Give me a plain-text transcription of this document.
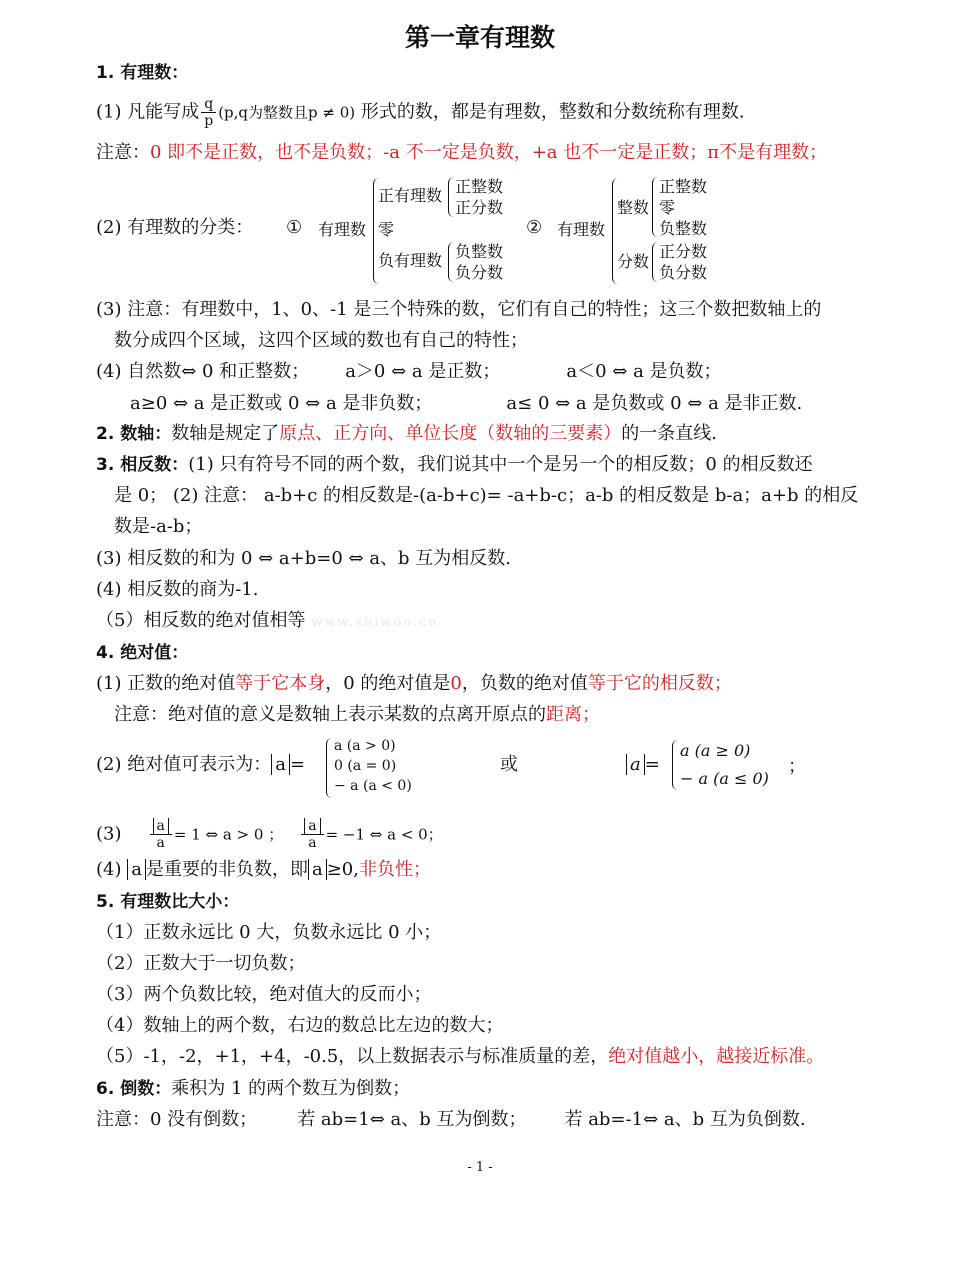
第一章有理数
1. 有理数：
(1) 凡能写成 $\frac{q}{p} (p,q$为整数且p ≠ 0) 形式的数，都是有理数，整数和分数统称有理数.
注意：0 即不是正数，也不是负数；-a 不一定是负数，+a 也不一定是正数；π不是有理数；
(2) 有理数的分类： ① 有理数
正有理数 正整数
正分数
零
负有理数 负整数
负分数
② 有理数
整数
正整数
零
负整数
分数
正分数
负分数
(3) 注意：有理数中，1、0、-1 是三个特殊的数，它们有自己的特性；这三个数把数轴上的
数分成四个区域，这四个区域的数也有自己的特性；
(4) 自然数⇔ 0 和正整数； a＞0 ⇔ a 是正数；	a＜0 ⇔ a 是负数；
a≥0 ⇔ a 是正数或 0 ⇔ a 是非负数；	a≤ 0 ⇔ a 是负数或 0 ⇔ a 是非正数.
2. 数轴：数轴是规定了原点、正方向、单位长度（数轴的三要素）的一条直线.
3. 相反数：(1) 只有符号不同的两个数，我们说其中一个是另一个的相反数；0 的相反数还
是 0； (2) 注意： a-b+c 的相反数是-(a-b+c)= -a+b-c；a-b 的相反数是 b-a；a+b 的相反
数是-a-b；
(3) 相反数的和为 0 ⇔ a+b=0 ⇔ a、b 互为相反数.
(4) 相反数的商为-1.
（5）相反数的绝对值相等 www.shiwoo.cn
4. 绝对值：
(1) 正数的绝对值等于它本身，0 的绝对值是0，负数的绝对值等于它的相反数；
注意：绝对值的意义是数轴上表示某数的点离开原点的距离；
(2) 绝对值可表示为： a =
a (a > 0)
0 (a = 0)
− a (a < 0)
或	a =
a (a ≥ 0)
− a (a ≤ 0)
；
$(3) \frac{a}{a} = 1$ ⇔ a > 0 ； $\frac{a}{a} = -1$ ⇔ a < 0；
(4) a 是重要的非负数，即 a ≥0,非负性；
5. 有理数比大小：
（1）正数永远比 0 大，负数永远比 0 小；
（2）正数大于一切负数；
（3）两个负数比较，绝对值大的反而小；
（4）数轴上的两个数，右边的数总比左边的数大；
（5）-1，-2，+1，+4，-0.5，以上数据表示与标准质量的差，绝对值越小，越接近标准。
6. 倒数：乘积为 1 的两个数互为倒数；
注意：0 没有倒数； 若 ab=1⇔ a、b 互为倒数； 若 ab=-1⇔ a、b 互为负倒数.
- 1 -
